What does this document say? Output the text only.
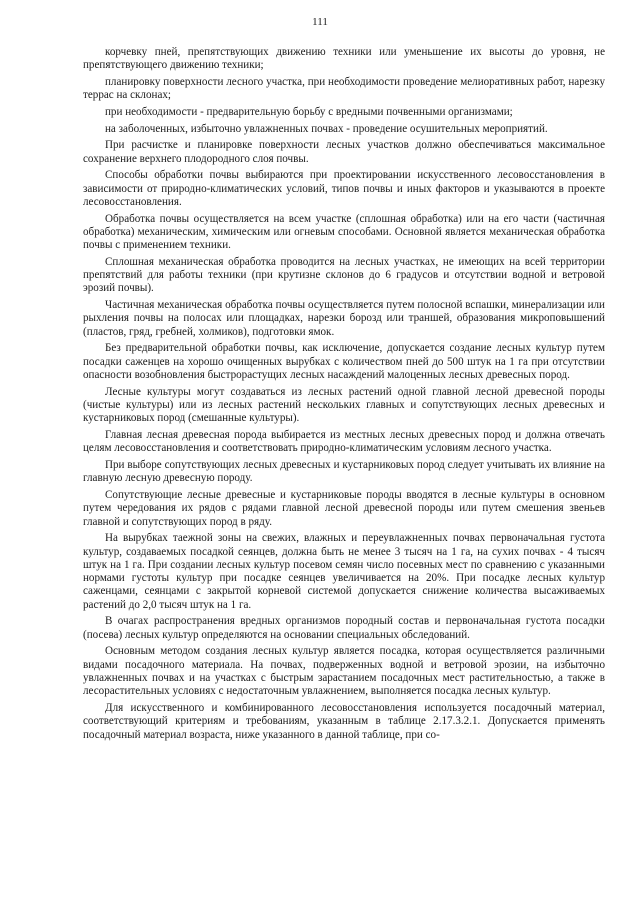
111

корчевку пней, препятствующих движению техники или уменьшение их высоты до уровня, не препятствующего движению техники;

планировку поверхности лесного участка, при необходимости проведение мелиоративных работ, нарезку террас на склонах;

при необходимости - предварительную борьбу с вредными почвенными организмами;

на заболоченных, избыточно увлажненных почвах - проведение осушительных мероприятий.

При расчистке и планировке поверхности лесных участков должно обеспечиваться максимальное сохранение верхнего плодородного слоя почвы.

Способы обработки почвы выбираются при проектировании искусственного лесовосстановления в зависимости от природно-климатических условий, типов почвы и иных факторов и указываются в проекте лесовосстановления.

Обработка почвы осуществляется на всем участке (сплошная обработка) или на его части (частичная обработка) механическим, химическим или огневым способами. Основной является механическая обработка почвы с применением техники.

Сплошная механическая обработка проводится на лесных участках, не имеющих на всей территории препятствий для работы техники (при крутизне склонов до 6 градусов и отсутствии водной и ветровой эрозий почвы).

Частичная механическая обработка почвы осуществляется путем полосной вспашки, минерализации или рыхления почвы на полосах или площадках, нарезки борозд или траншей, образования микроповышений (пластов, гряд, гребней, холмиков), подготовки ямок.

Без предварительной обработки почвы, как исключение, допускается создание лесных культур путем посадки саженцев на хорошо очищенных вырубках с количеством пней до 500 штук на 1 га при отсутствии опасности возобновления быстрорастущих лесных насаждений малоценных лесных древесных пород.

Лесные культуры могут создаваться из лесных растений одной главной лесной древесной породы (чистые культуры) или из лесных растений нескольких главных и сопутствующих лесных древесных и кустарниковых пород (смешанные культуры).

Главная лесная древесная порода выбирается из местных лесных древесных пород и должна отвечать целям лесовосстановления и соответствовать природно-климатическим условиям лесного участка.

При выборе сопутствующих лесных древесных и кустарниковых пород следует учитывать их влияние на главную лесную древесную породу.

Сопутствующие лесные древесные и кустарниковые породы вводятся в лесные культуры в основном путем чередования их рядов с рядами главной лесной древесной породы или путем смешения звеньев главной и сопутствующих пород в ряду.

На вырубках таежной зоны на свежих, влажных и переувлажненных почвах первоначальная густота культур, создаваемых посадкой сеянцев, должна быть не менее 3 тысяч на 1 га, на сухих почвах - 4 тысяч штук на 1 га. При создании лесных культур посевом семян число посевных мест по сравнению с указанными нормами густоты культур при посадке сеянцев увеличивается на 20%. При посадке лесных культур саженцами, сеянцами с закрытой корневой системой допускается снижение количества высаживаемых растений до 2,0 тысяч штук на 1 га.

В очагах распространения вредных организмов породный состав и первоначальная густота посадки (посева) лесных культур определяются на основании специальных обследований.

Основным методом создания лесных культур является посадка, которая осуществляется различными видами посадочного материала. На почвах, подверженных водной и ветровой эрозии, на избыточно увлажненных почвах и на участках с быстрым зарастанием посадочных мест растительностью, а также в лесорастительных условиях с недостаточным увлажнением, выполняется посадка лесных культур.

Для искусственного и комбинированного лесовосстановления используется посадочный материал, соответствующий критериям и требованиям, указанным в таблице 2.17.3.2.1. Допускается применять посадочный материал возраста, ниже указанного в данной таблице, при со-
